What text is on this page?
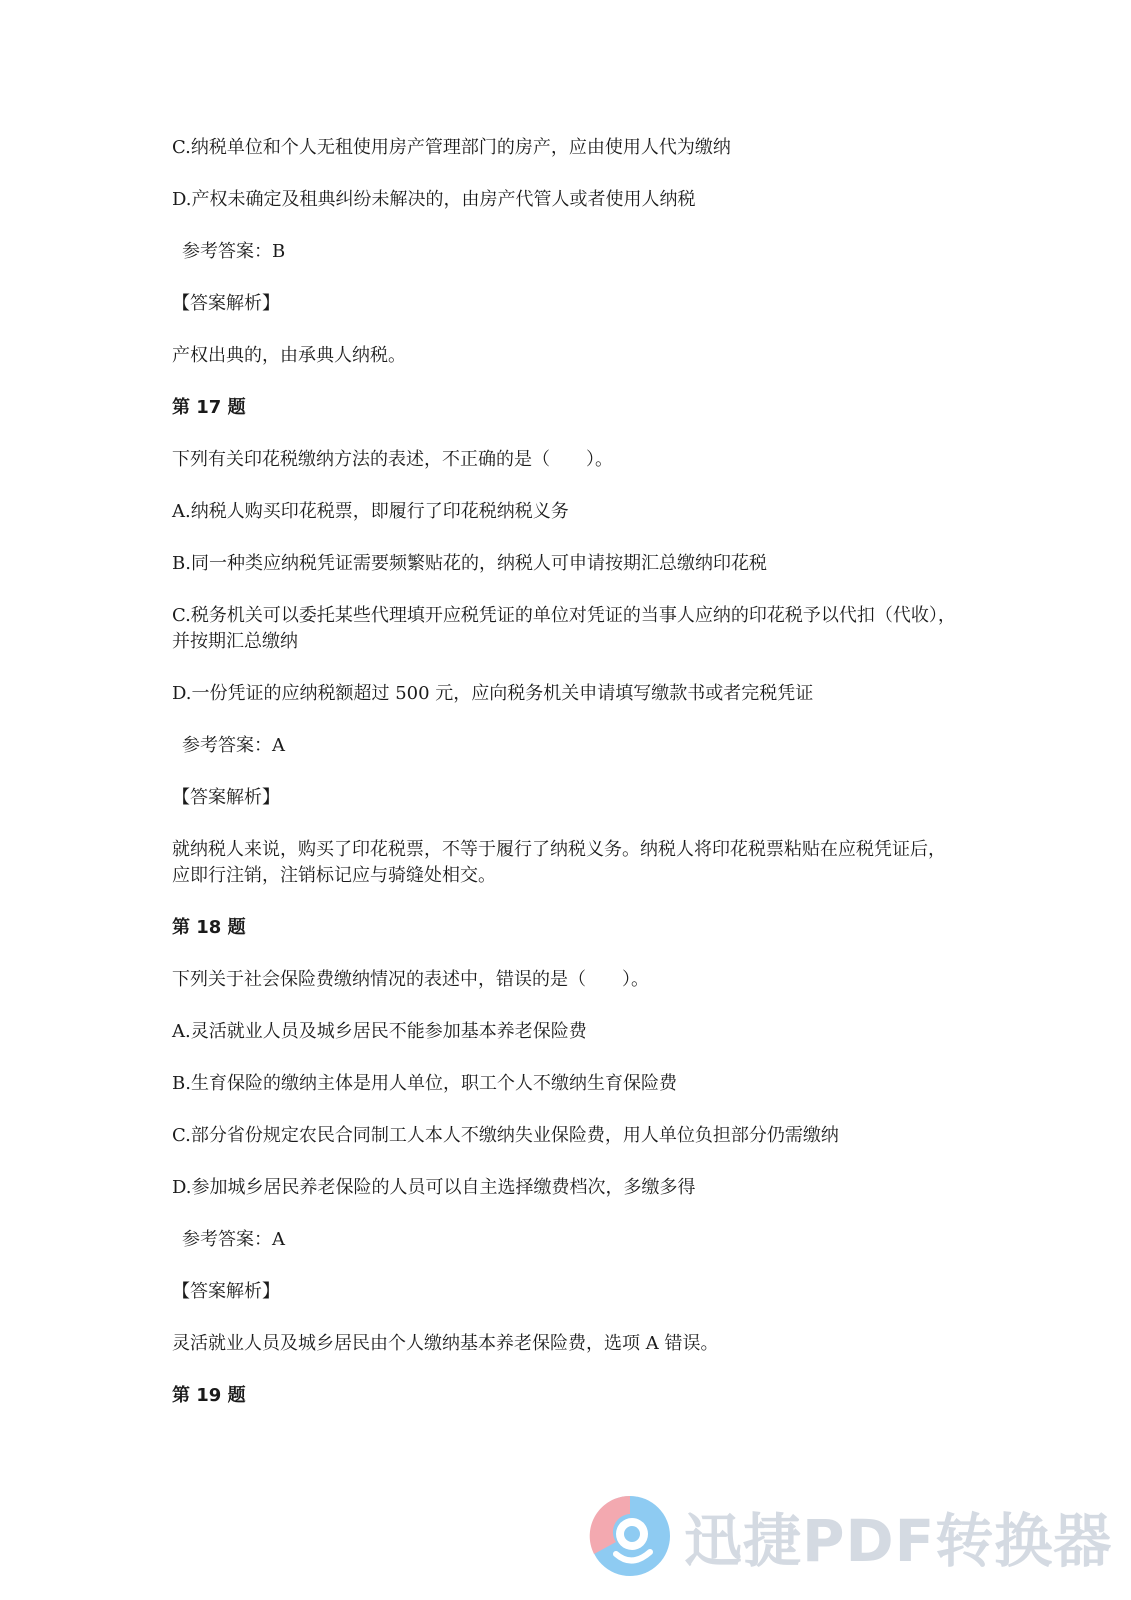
C.纳税单位和个人无租使用房产管理部门的房产，应由使用人代为缴纳
D.产权未确定及租典纠纷未解决的，由房产代管人或者使用人纳税
参考答案：B
【答案解析】
产权出典的，由承典人纳税。
第 17 题
下列有关印花税缴纳方法的表述，不正确的是（　　）。
A.纳税人购买印花税票，即履行了印花税纳税义务
B.同一种类应纳税凭证需要频繁贴花的，纳税人可申请按期汇总缴纳印花税
C.税务机关可以委托某些代理填开应税凭证的单位对凭证的当事人应纳的印花税予以代扣（代收），并按期汇总缴纳
D.一份凭证的应纳税额超过 500 元，应向税务机关申请填写缴款书或者完税凭证
参考答案：A
【答案解析】
就纳税人来说，购买了印花税票，不等于履行了纳税义务。纳税人将印花税票粘贴在应税凭证后，应即行注销，注销标记应与骑缝处相交。
第 18 题
下列关于社会保险费缴纳情况的表述中，错误的是（　　）。
A.灵活就业人员及城乡居民不能参加基本养老保险费
B.生育保险的缴纳主体是用人单位，职工个人不缴纳生育保险费
C.部分省份规定农民合同制工人本人不缴纳失业保险费，用人单位负担部分仍需缴纳
D.参加城乡居民养老保险的人员可以自主选择缴费档次，多缴多得
参考答案：A
【答案解析】
灵活就业人员及城乡居民由个人缴纳基本养老保险费，选项 A 错误。
第 19 题
迅捷PDF转换器
